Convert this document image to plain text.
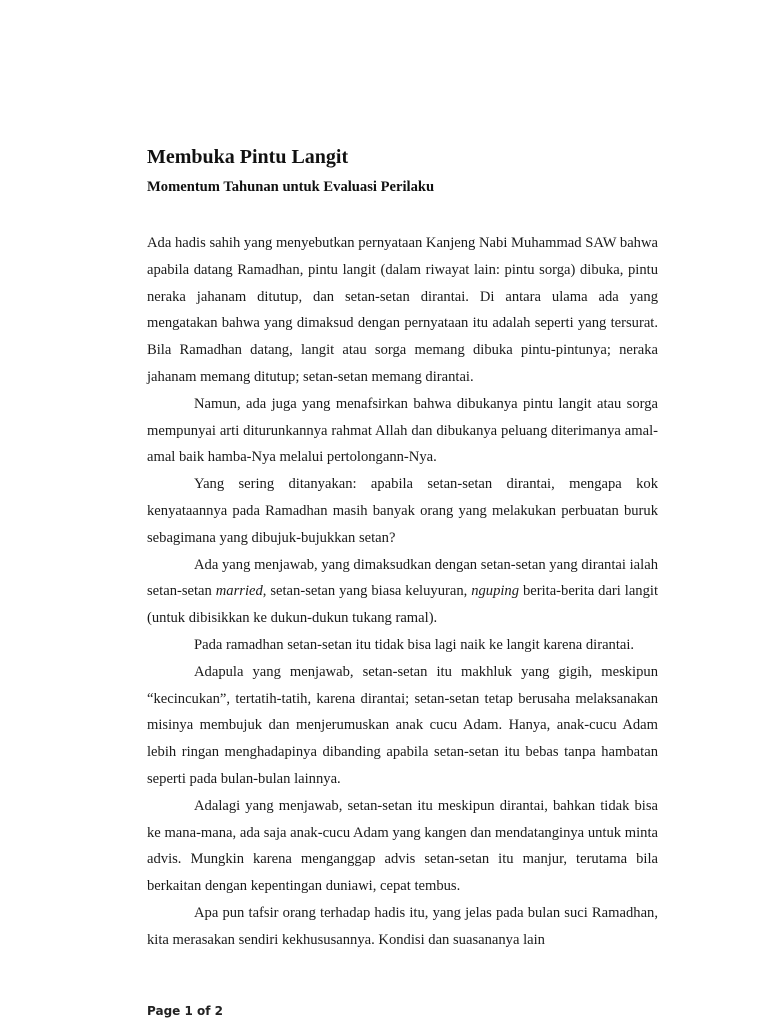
Membuka Pintu Langit
Momentum Tahunan untuk Evaluasi Perilaku

Ada hadis sahih yang menyebutkan pernyataan Kanjeng Nabi Muhammad SAW bahwa apabila datang Ramadhan, pintu langit (dalam riwayat lain: pintu sorga) dibuka, pintu neraka jahanam ditutup, dan setan-setan dirantai. Di antara ulama ada yang mengatakan bahwa yang dimaksud dengan pernyataan itu adalah seperti yang tersurat. Bila Ramadhan datang, langit atau sorga memang dibuka pintu-pintunya; neraka jahanam memang ditutup; setan-setan memang dirantai.

Namun, ada juga yang menafsirkan bahwa dibukanya pintu langit atau sorga mempunyai arti diturunkannya rahmat Allah dan dibukanya peluang diterimanya amal-amal baik hamba-Nya melalui pertolongann-Nya.

Yang sering ditanyakan: apabila setan-setan dirantai, mengapa kok kenyataannya pada Ramadhan masih banyak orang yang melakukan perbuatan buruk sebagimana yang dibujuk-bujukkan setan?

Ada yang menjawab, yang dimaksudkan dengan setan-setan yang dirantai ialah setan-setan married, setan-setan yang biasa keluyuran, nguping berita-berita dari langit (untuk dibisikkan ke dukun-dukun tukang ramal).

Pada ramadhan setan-setan itu tidak bisa lagi naik ke langit karena dirantai.

Adapula yang menjawab, setan-setan itu makhluk yang gigih, meskipun “kecincukan”, tertatih-tatih, karena dirantai; setan-setan tetap berusaha melaksanakan misinya membujuk dan menjerumuskan anak cucu Adam. Hanya, anak-cucu Adam lebih ringan menghadapinya dibanding apabila setan-setan itu bebas tanpa hambatan seperti pada bulan-bulan lainnya.

Adalagi yang menjawab, setan-setan itu meskipun dirantai, bahkan tidak bisa ke mana-mana, ada saja anak-cucu Adam yang kangen dan mendatanginya untuk minta advis. Mungkin karena menganggap advis setan-setan itu manjur, terutama bila berkaitan dengan kepentingan duniawi, cepat tembus.

Apa pun tafsir orang terhadap hadis itu, yang jelas pada bulan suci Ramadhan, kita merasakan sendiri kekhususannya. Kondisi dan suasananya lain

Page 1 of 2
